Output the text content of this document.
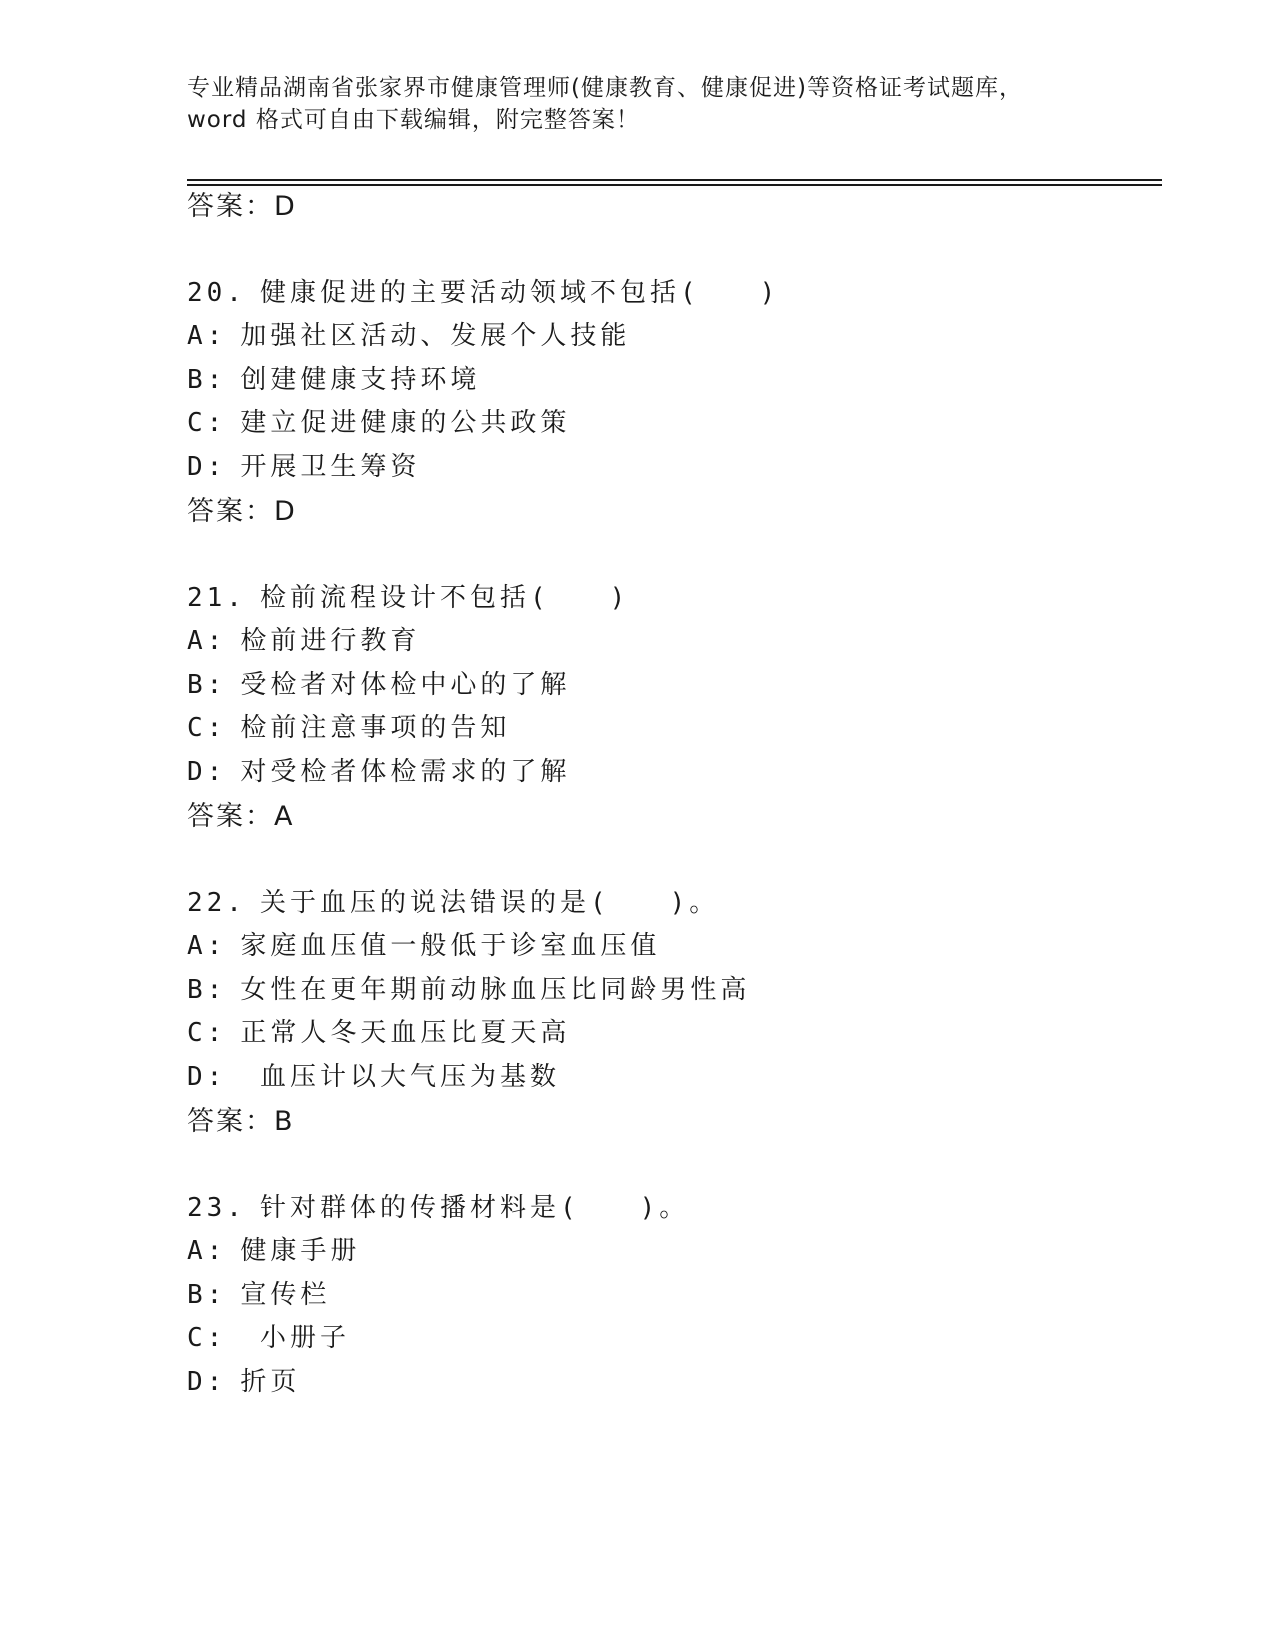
专业精品湖南省张家界市健康管理师(健康教育、健康促进)等资格证考试题库，
word 格式可自由下载编辑，附完整答案！
答案：D
20. 健康促进的主要活动领域不包括(　　)
A: 加强社区活动、发展个人技能
B: 创建健康支持环境
C: 建立促进健康的公共政策
D: 开展卫生筹资
答案：D
21. 检前流程设计不包括(　　)
A: 检前进行教育
B: 受检者对体检中心的了解
C: 检前注意事项的告知
D: 对受检者体检需求的了解
答案：A
22. 关于血压的说法错误的是(　　)。
A: 家庭血压值一般低于诊室血压值
B: 女性在更年期前动脉血压比同龄男性高
C: 正常人冬天血压比夏天高
D: 血压计以大气压为基数
答案：B
23. 针对群体的传播材料是(　　)。
A: 健康手册
B: 宣传栏
C: 小册子
D: 折页
